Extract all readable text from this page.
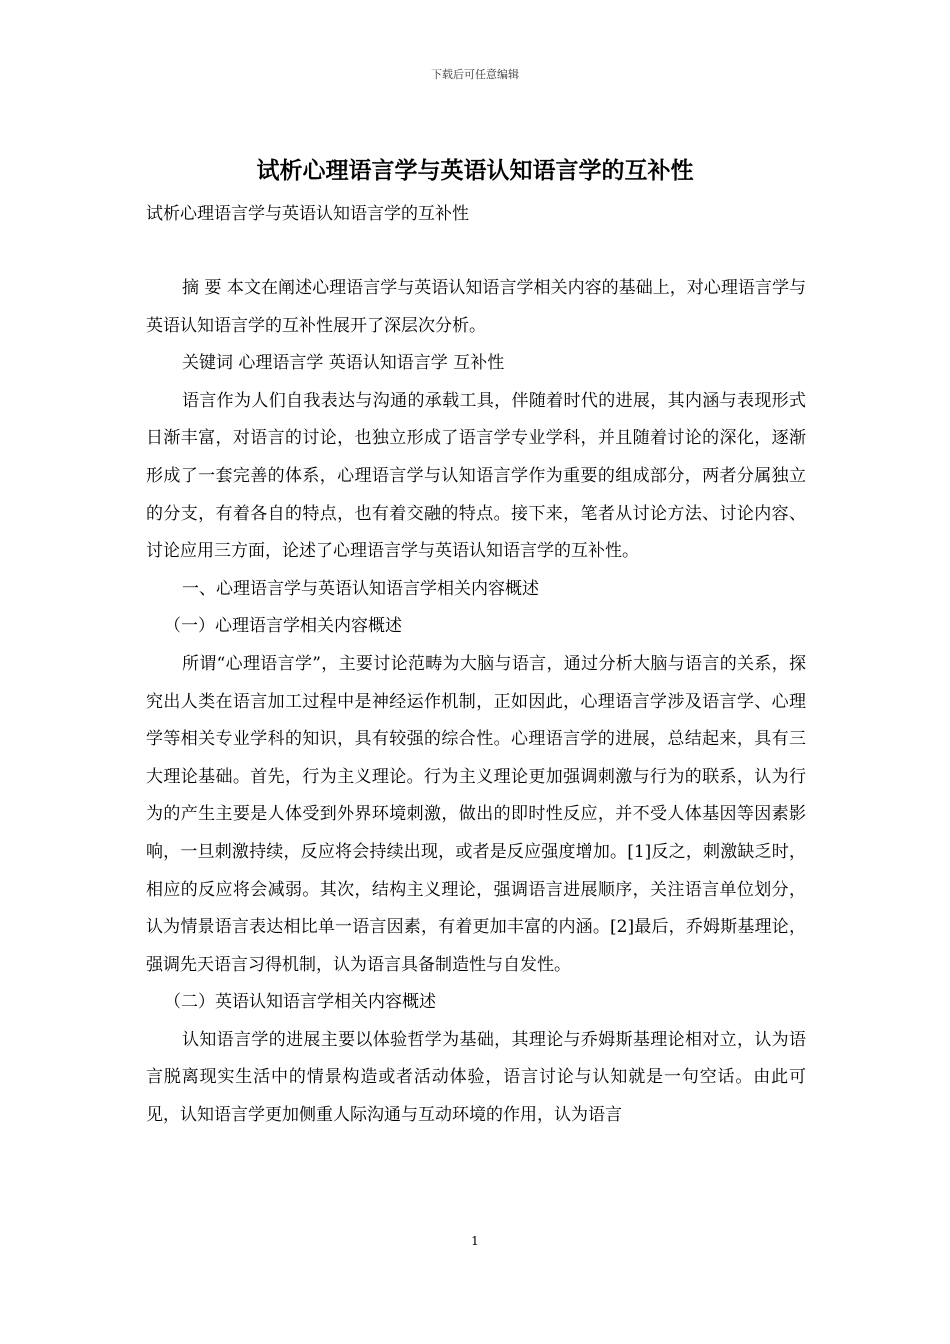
下载后可任意编辑
试析心理语言学与英语认知语言学的互补性

试析心理语言学与英语认知语言学的互补性

摘 要 本文在阐述心理语言学与英语认知语言学相关内容的基础上，对心理语言学与英语认知语言学的互补性展开了深层次分析。

关键词 心理语言学 英语认知语言学 互补性

语言作为人们自我表达与沟通的承载工具，伴随着时代的进展，其内涵与表现形式日渐丰富，对语言的讨论，也独立形成了语言学专业学科，并且随着讨论的深化，逐渐形成了一套完善的体系，心理语言学与认知语言学作为重要的组成部分，两者分属独立的分支，有着各自的特点，也有着交融的特点。接下来，笔者从讨论方法、讨论内容、讨论应用三方面，论述了心理语言学与英语认知语言学的互补性。

一、心理语言学与英语认知语言学相关内容概述

（一）心理语言学相关内容概述

所谓“心理语言学”，主要讨论范畴为大脑与语言，通过分析大脑与语言的关系，探究出人类在语言加工过程中是神经运作机制，正如因此，心理语言学涉及语言学、心理学等相关专业学科的知识，具有较强的综合性。心理语言学的进展，总结起来，具有三大理论基础。首先，行为主义理论。行为主义理论更加强调刺激与行为的联系，认为行为的产生主要是人体受到外界环境刺激，做出的即时性反应，并不受人体基因等因素影响，一旦刺激持续，反应将会持续出现，或者是反应强度增加。[1]反之，刺激缺乏时，相应的反应将会减弱。其次，结构主义理论，强调语言进展顺序，关注语言单位划分，认为情景语言表达相比单一语言因素，有着更加丰富的内涵。[2]最后，乔姆斯基理论，强调先天语言习得机制，认为语言具备制造性与自发性。

（二）英语认知语言学相关内容概述

认知语言学的进展主要以体验哲学为基础，其理论与乔姆斯基理论相对立，认为语言脱离现实生活中的情景构造或者活动体验，语言讨论与认知就是一句空话。由此可见，认知语言学更加侧重人际沟通与互动环境的作用，认为语言

1
